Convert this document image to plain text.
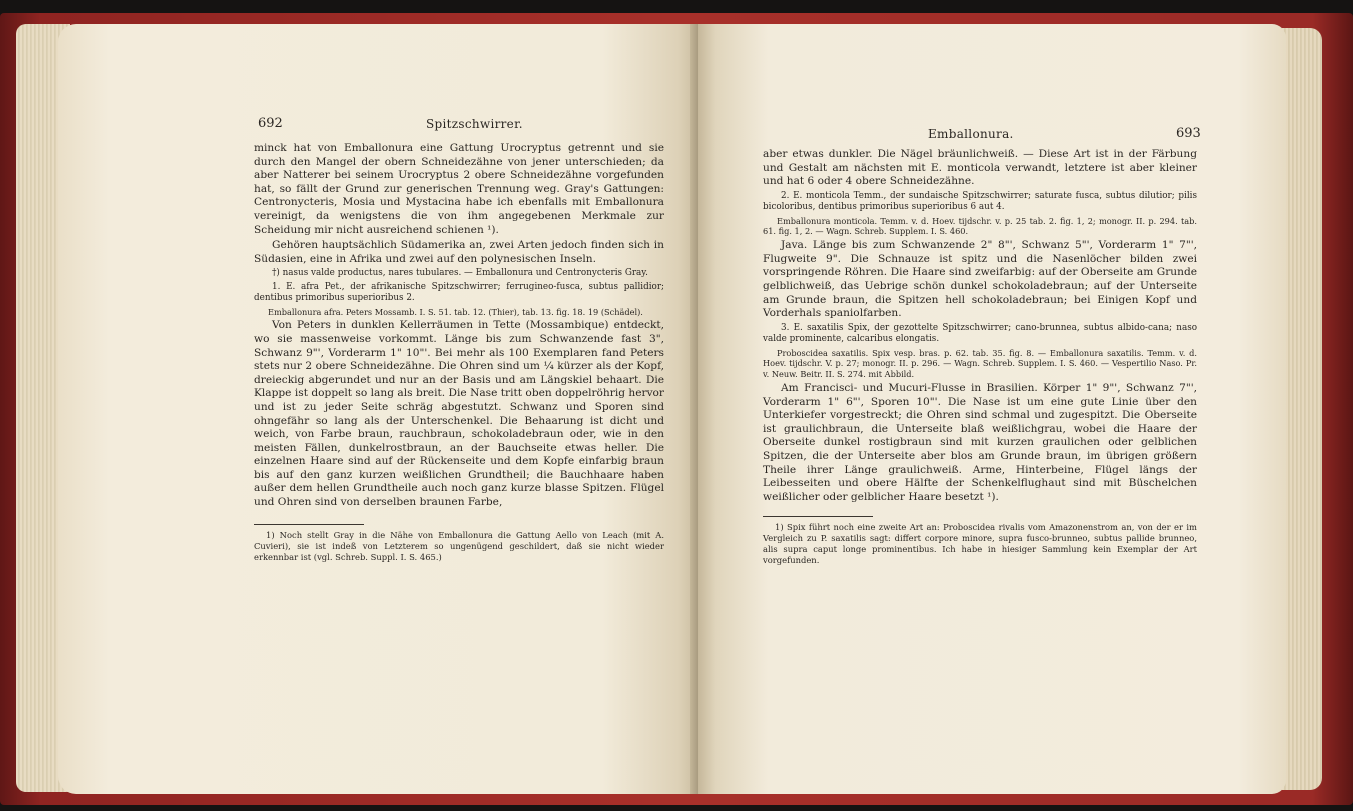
692	Spitzschwirrer.

minck hat von Emballonura eine Gattung Urocryptus getrennt und sie durch den Mangel der obern Schneidezähne von jener unterschieden; da aber Natterer bei seinem Urocryptus 2 obere Schneidezähne vorgefunden hat, so fällt der Grund zur generischen Trennung weg. Gray's Gattungen: Centronycteris, Mosia und Mystacina habe ich ebenfalls mit Emballonura vereinigt, da wenigstens die von ihm angegebenen Merkmale zur Scheidung mir nicht ausreichend schienen ¹).

Gehören hauptsächlich Südamerika an, zwei Arten jedoch finden sich in Südasien, eine in Afrika und zwei auf den polynesischen Inseln.

†) nasus valde productus, nares tubulares. — Emballonura und Centronycteris Gray.

1. E. afra Pet., der afrikanische Spitzschwirrer; ferrugineo-fusca, subtus pallidior; dentibus primoribus superioribus 2.

Emballonura afra. Peters Mossamb. I. S. 51. tab. 12. (Thier), tab. 13. fig. 18. 19 (Schädel).

Von Peters in dunklen Kellerräumen in Tette (Mossambique) entdeckt, wo sie massenweise vorkommt. Länge bis zum Schwanzende fast 3", Schwanz 9"', Vorderarm 1" 10"'. Bei mehr als 100 Exemplaren fand Peters stets nur 2 obere Schneidezähne. Die Ohren sind um ¼ kürzer als der Kopf, dreieckig abgerundet und nur an der Basis und am Längskiel behaart. Die Klappe ist doppelt so lang als breit. Die Nase tritt oben doppelröhrig hervor und ist zu jeder Seite schräg abgestutzt. Schwanz und Sporen sind ohngefähr so lang als der Unterschenkel. Die Behaarung ist dicht und weich, von Farbe braun, rauchbraun, schokoladebraun oder, wie in den meisten Fällen, dunkelrostbraun, an der Bauchseite etwas heller. Die einzelnen Haare sind auf der Rückenseite und dem Kopfe einfarbig braun bis auf den ganz kurzen weißlichen Grundtheil; die Bauchhaare haben außer dem hellen Grundtheile auch noch ganz kurze blasse Spitzen. Flügel und Ohren sind von derselben braunen Farbe,

1) Noch stellt Gray in die Nähe von Emballonura die Gattung Aello von Leach (mit A. Cuvieri), sie ist indeß von Letzterem so ungenügend geschildert, daß sie nicht wieder erkennbar ist (vgl. Schreb. Suppl. I. S. 465.)

Emballonura.	693

aber etwas dunkler. Die Nägel bräunlichweiß. — Diese Art ist in der Färbung und Gestalt am nächsten mit E. monticola verwandt, letztere ist aber kleiner und hat 6 oder 4 obere Schneidezähne.

2. E. monticola Temm., der sundaische Spitzschwirrer; saturate fusca, subtus dilutior; pilis bicoloribus, dentibus primoribus superioribus 6 aut 4.

Emballonura monticola. Temm. v. d. Hoev. tijdschr. v. p. 25 tab. 2. fig. 1, 2; monogr. II. p. 294. tab. 61. fig. 1, 2. — Wagn. Schreb. Supplem. I. S. 460.

Java. Länge bis zum Schwanzende 2" 8"', Schwanz 5"', Vorderarm 1" 7"', Flugweite 9". Die Schnauze ist spitz und die Nasenlöcher bilden zwei vorspringende Röhren. Die Haare sind zweifarbig: auf der Oberseite am Grunde gelblichweiß, das Uebrige schön dunkel schokoladebraun; auf der Unterseite am Grunde braun, die Spitzen hell schokoladebraun; bei Einigen Kopf und Vorderhals spaniolfarben.

3. E. saxatilis Spix, der gezottelte Spitzschwirrer; cano-brunnea, subtus albido-cana; naso valde prominente, calcaribus elongatis.

Proboscidea saxatilis. Spix vesp. bras. p. 62. tab. 35. fig. 8. — Emballonura saxatilis. Temm. v. d. Hoev. tijdschr. V. p. 27; monogr. II. p. 296. — Wagn. Schreb. Supplem. I. S. 460. — Vespertilio Naso. Pr. v. Neuw. Beitr. II. S. 274. mit Abbild.

Am Francisci- und Mucuri-Flusse in Brasilien. Körper 1" 9"', Schwanz 7"', Vorderarm 1" 6"', Sporen 10"'. Die Nase ist um eine gute Linie über den Unterkiefer vorgestreckt; die Ohren sind schmal und zugespitzt. Die Oberseite ist graulichbraun, die Unterseite blaß weißlichgrau, wobei die Haare der Oberseite dunkel rostigbraun sind mit kurzen graulichen oder gelblichen Spitzen, die der Unterseite aber blos am Grunde braun, im übrigen größern Theile ihrer Länge graulichweiß. Arme, Hinterbeine, Flügel längs der Leibesseiten und obere Hälfte der Schenkelflughaut sind mit Büschelchen weißlicher oder gelblicher Haare besetzt ¹).

1) Spix führt noch eine zweite Art an: Proboscidea rivalis vom Amazonenstrom an, von der er im Vergleich zu P. saxatilis sagt: differt corpore minore, supra fusco-brunneo, subtus pallide brunneo, alis supra caput longe prominentibus. Ich habe in hiesiger Sammlung kein Exemplar der Art vorgefunden.
